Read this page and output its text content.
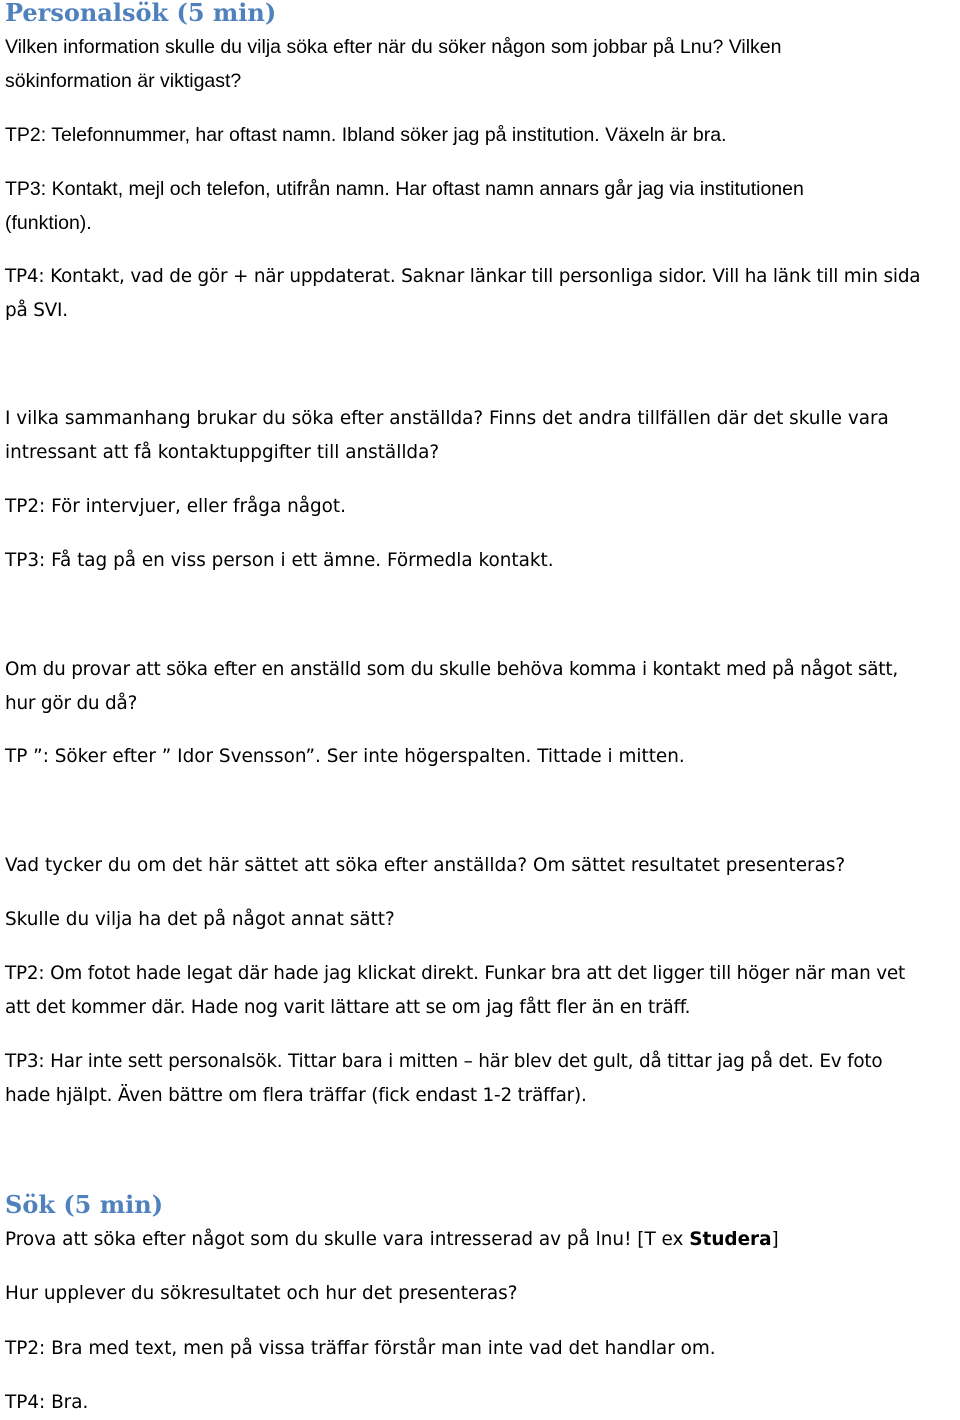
Personalsök (5 min)
Vilken information skulle du vilja söka efter när du söker någon som jobbar på Lnu? Vilken
sökinformation är viktigast?
TP2: Telefonnummer, har oftast namn. Ibland söker jag på institution. Växeln är bra.
TP3: Kontakt, mejl och telefon, utifrån namn. Har oftast namn annars går jag via institutionen
(funktion).
TP4: Kontakt, vad de gör + när uppdaterat. Saknar länkar till personliga sidor. Vill ha länk till min sida
på SVI.
I vilka sammanhang brukar du söka efter anställda? Finns det andra tillfällen där det skulle vara
intressant att få kontaktuppgifter till anställda?
TP2: För intervjuer, eller fråga något.
TP3: Få tag på en viss person i ett ämne. Förmedla kontakt.
Om du provar att söka efter en anställd som du skulle behöva komma i kontakt med på något sätt,
hur gör du då?
TP ”: Söker efter ” Idor Svensson”. Ser inte högerspalten. Tittade i mitten.
Vad tycker du om det här sättet att söka efter anställda? Om sättet resultatet presenteras?
Skulle du vilja ha det på något annat sätt?
TP2: Om fotot hade legat där hade jag klickat direkt. Funkar bra att det ligger till höger när man vet
att det kommer där. Hade nog varit lättare att se om jag fått fler än en träff.
TP3: Har inte sett personalsök. Tittar bara i mitten – här blev det gult, då tittar jag på det. Ev foto
hade hjälpt. Även bättre om flera träffar (fick endast 1-2 träffar).
Sök (5 min)
Prova att söka efter något som du skulle vara intresserad av på lnu! [T ex Studera]
Hur upplever du sökresultatet och hur det presenteras?
TP2: Bra med text, men på vissa träffar förstår man inte vad det handlar om.
TP4: Bra.
